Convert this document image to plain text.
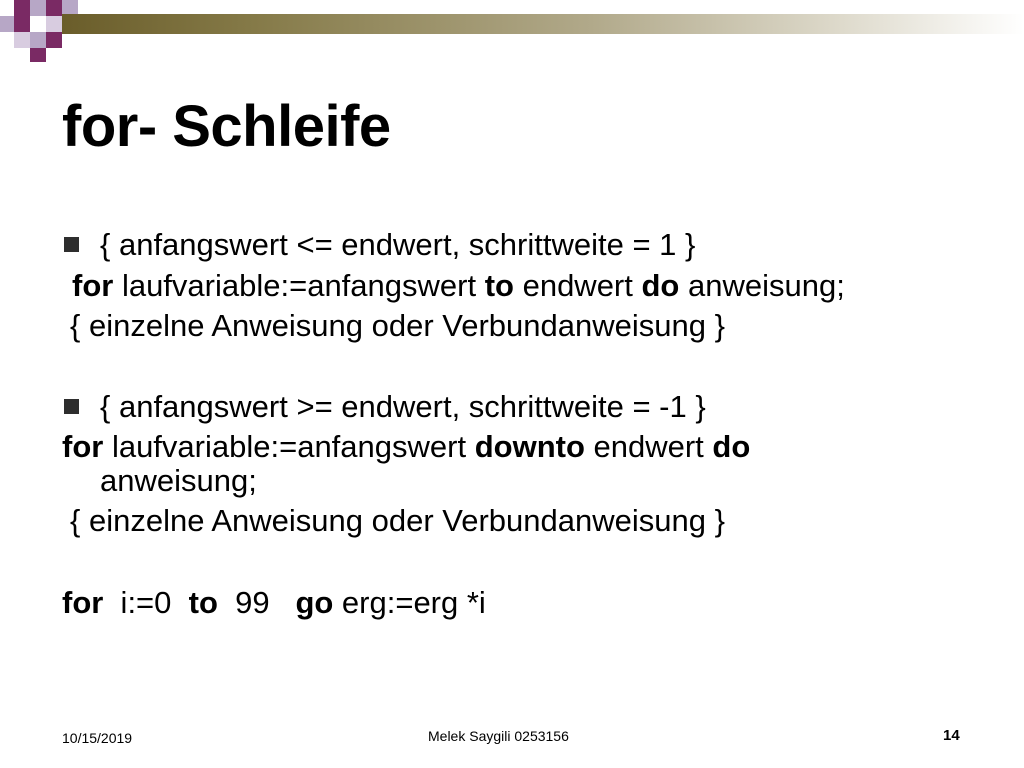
for- Schleife
{ anfangswert <= endwert, schrittweite = 1 }
for laufvariable:=anfangswert to endwert do anweisung;
{ einzelne Anweisung oder Verbundanweisung }
{ anfangswert >= endwert, schrittweite = -1 }
for laufvariable:=anfangswert downto endwert do
anweisung;
{ einzelne Anweisung oder Verbundanweisung }
for  i:=0  to  99   go erg:=erg *i
10/15/2019	Melek Saygili 0253156	14
